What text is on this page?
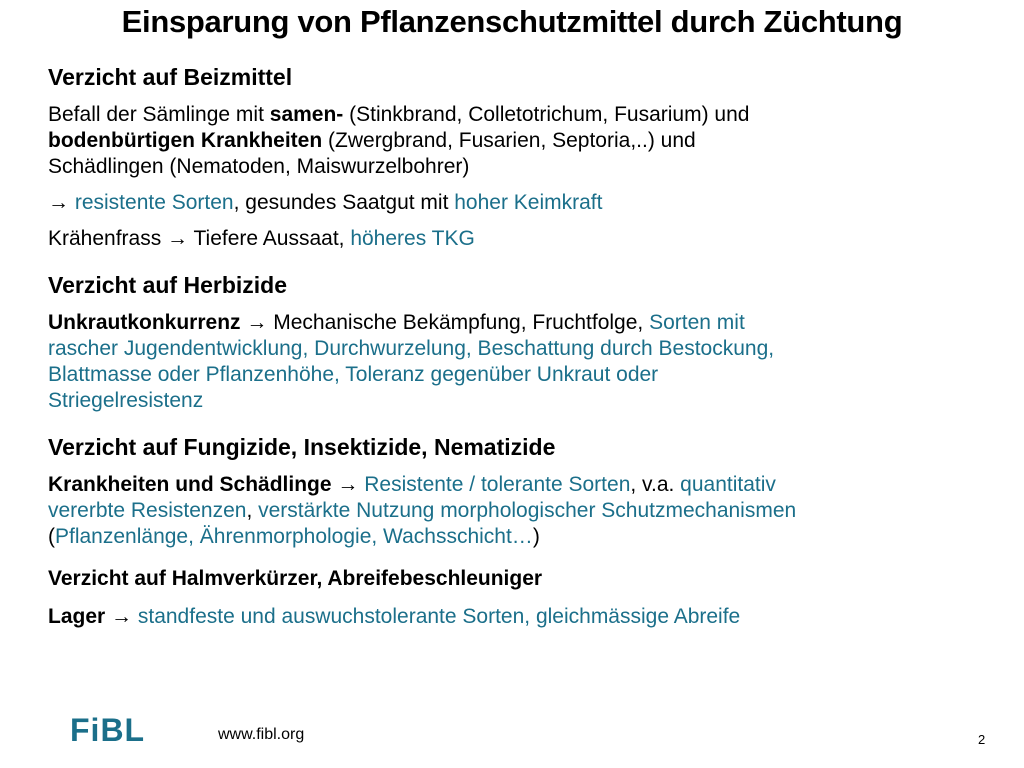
Einsparung von Pflanzenschutzmittel durch Züchtung
Verzicht auf Beizmittel
Befall der Sämlinge mit samen- (Stinkbrand, Colletotrichum, Fusarium) und
bodenbürtigen Krankheiten (Zwergbrand, Fusarien, Septoria,..) und
Schädlingen (Nematoden, Maiswurzelbohrer)
→ resistente Sorten, gesundes Saatgut mit hoher Keimkraft
Krähenfrass → Tiefere Aussaat, höheres TKG
Verzicht auf Herbizide
Unkrautkonkurrenz → Mechanische Bekämpfung, Fruchtfolge, Sorten mit
rascher Jugendentwicklung, Durchwurzelung, Beschattung durch Bestockung,
Blattmasse oder Pflanzenhöhe, Toleranz gegenüber Unkraut oder
Striegelresistenz
Verzicht auf Fungizide, Insektizide, Nematizide
Krankheiten und Schädlinge → Resistente / tolerante Sorten, v.a. quantitativ
vererbte Resistenzen, verstärkte Nutzung morphologischer Schutzmechanismen
(Pflanzenlänge, Ährenmorphologie, Wachsschicht…)
Verzicht auf Halmverkürzer, Abreifebeschleuniger
Lager → standfeste und auswuchstolerante Sorten, gleichmässige Abreife
FiBL	www.fibl.org	2
